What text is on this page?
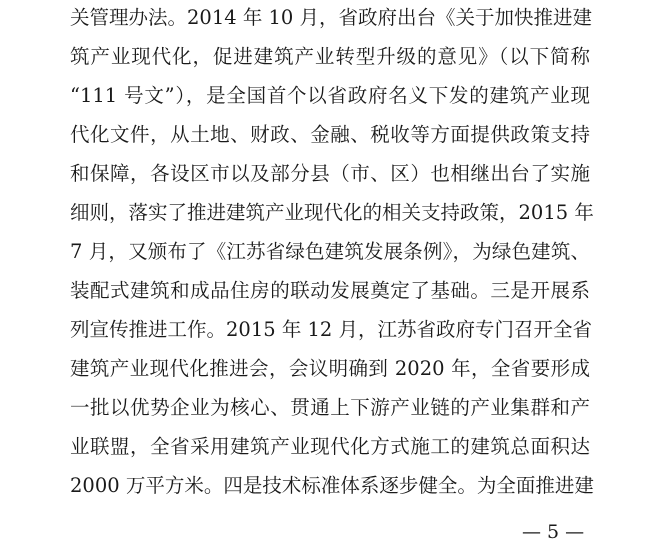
关管理办法。2014 年 10 月，省政府出台《关于加快推进建
筑产业现代化，促进建筑产业转型升级的意见》（以下简称
“111 号文”），是全国首个以省政府名义下发的建筑产业现
代化文件，从土地、财政、金融、税收等方面提供政策支持
和保障，各设区市以及部分县（市、区）也相继出台了实施
细则，落实了推进建筑产业现代化的相关支持政策，2015 年
7 月，又颁布了《江苏省绿色建筑发展条例》，为绿色建筑、
装配式建筑和成品住房的联动发展奠定了基础。三是开展系
列宣传推进工作。2015 年 12 月，江苏省政府专门召开全省
建筑产业现代化推进会，会议明确到 2020 年，全省要形成
一批以优势企业为核心、贯通上下游产业链的产业集群和产
业联盟，全省采用建筑产业现代化方式施工的建筑总面积达
2000 万平方米。四是技术标准体系逐步健全。为全面推进建
— 5 —
